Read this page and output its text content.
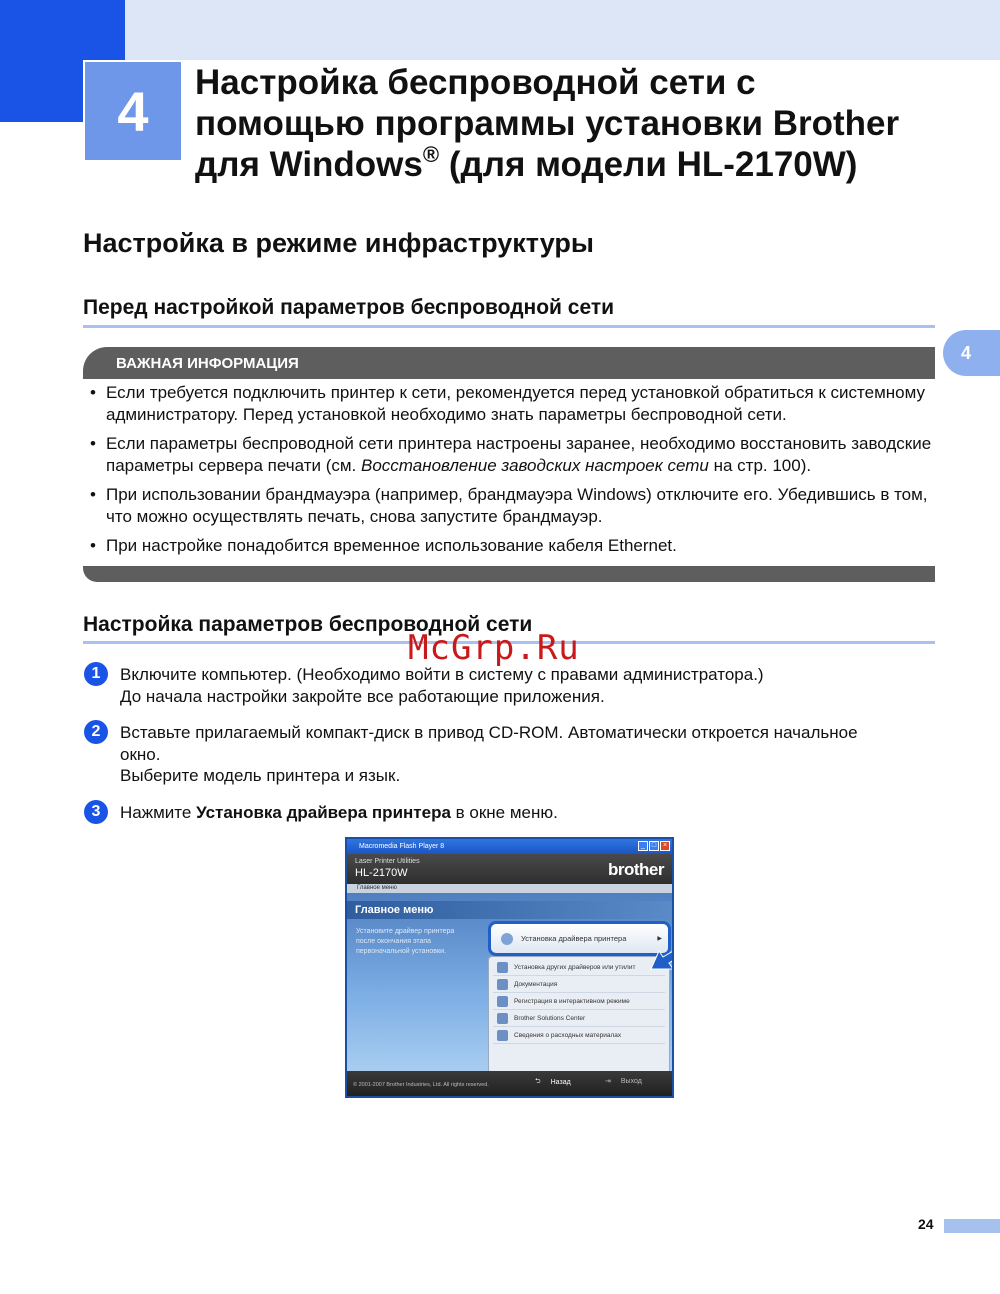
4	Настройка беспроводной сети с
помощью программы установки Brother
для Windows® (для модели HL-2170W)
4
Настройка в режиме инфраструктуры
Перед настройкой параметров беспроводной сети
ВАЖНАЯ ИНФОРМАЦИЯ
• Если требуется подключить принтер к сети, рекомендуется перед установкой обратиться к системному администратору. Перед установкой необходимо знать параметры беспроводной сети.
• Если параметры беспроводной сети принтера настроены заранее, необходимо восстановить заводские параметры сервера печати (см. Восстановление заводских настроек сети на стр. 100).
• При использовании брандмауэра (например, брандмауэра Windows) отключите его. Убедившись в том, что можно осуществлять печать, снова запустите брандмауэр.
• При настройке понадобится временное использование кабеля Ethernet.
Настройка параметров беспроводной сети
McGrp.Ru
1	Включите компьютер. (Необходимо войти в систему с правами администратора.)
До начала настройки закройте все работающие приложения.
2	Вставьте прилагаемый компакт-диск в привод CD-ROM. Автоматически откроется начальное
окно.
Выберите модель принтера и язык.
3	Нажмите Установка драйвера принтера в окне меню.
Macromedia Flash Player 8	_ □ ×
Laser Printer Utilities
HL-2170W	brother
Главное меню
Главное меню
Установите драйвер принтера после окончания этапа первоначальной установки.
Установка других драйверов или утилит
Документация
Регистрация в интерактивном режиме
Brother Solutions Center
Сведения о расходных материалах
Установка драйвера принтера	▶
© 2001-2007 Brother Industries, Ltd. All rights reserved.	⮌ Назад	⇥ Выход
24
